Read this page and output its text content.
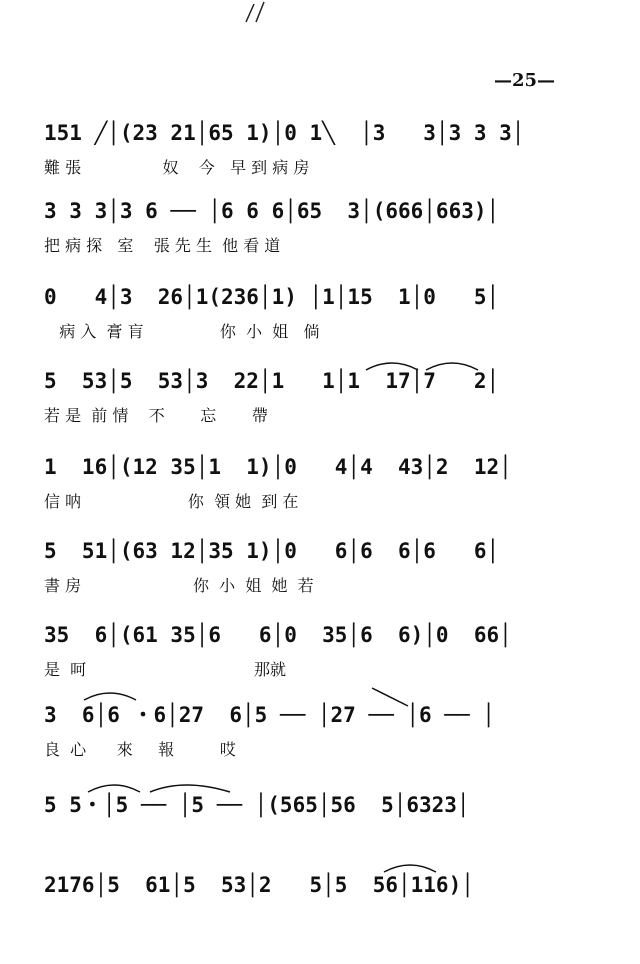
—25—
151 ╱│(23 21│65 1)│0 1╲  │3   3│3 3 3│
難 張                奴    今   早 到 病 房
3 3 3│3 6 ── │6 6 6│65  3│(666│663)│
把 病 探   室    張 先 生  他 看 道
0   4│3  26│1(236│1) │1│15  1│0   5│
病 入  膏 肓               你  小  姐   倘
5  53│5  53│3  22│1   1│1  17│7   2│
若 是  前 情    不       忘       帶
1  16│(12 35│1  1)│0   4│4  43│2  12│
信 呐                     你  領 她  到 在
5  51│(63 12│35 1)│0   6│6  6│6   6│
書 房                      你  小  姐  她  若
35  6│(61 35│6   6│0  35│6  6)│0  66│
是  呵                                 那就
3  6│6 ・6│27  6│5 ── │27 ── │6 ── │
良  心      來     報         哎
5 5・│5 ── │5 ── │(565│56  5│6323│
2176│5  61│5  53│2   5│5  56│116)│
